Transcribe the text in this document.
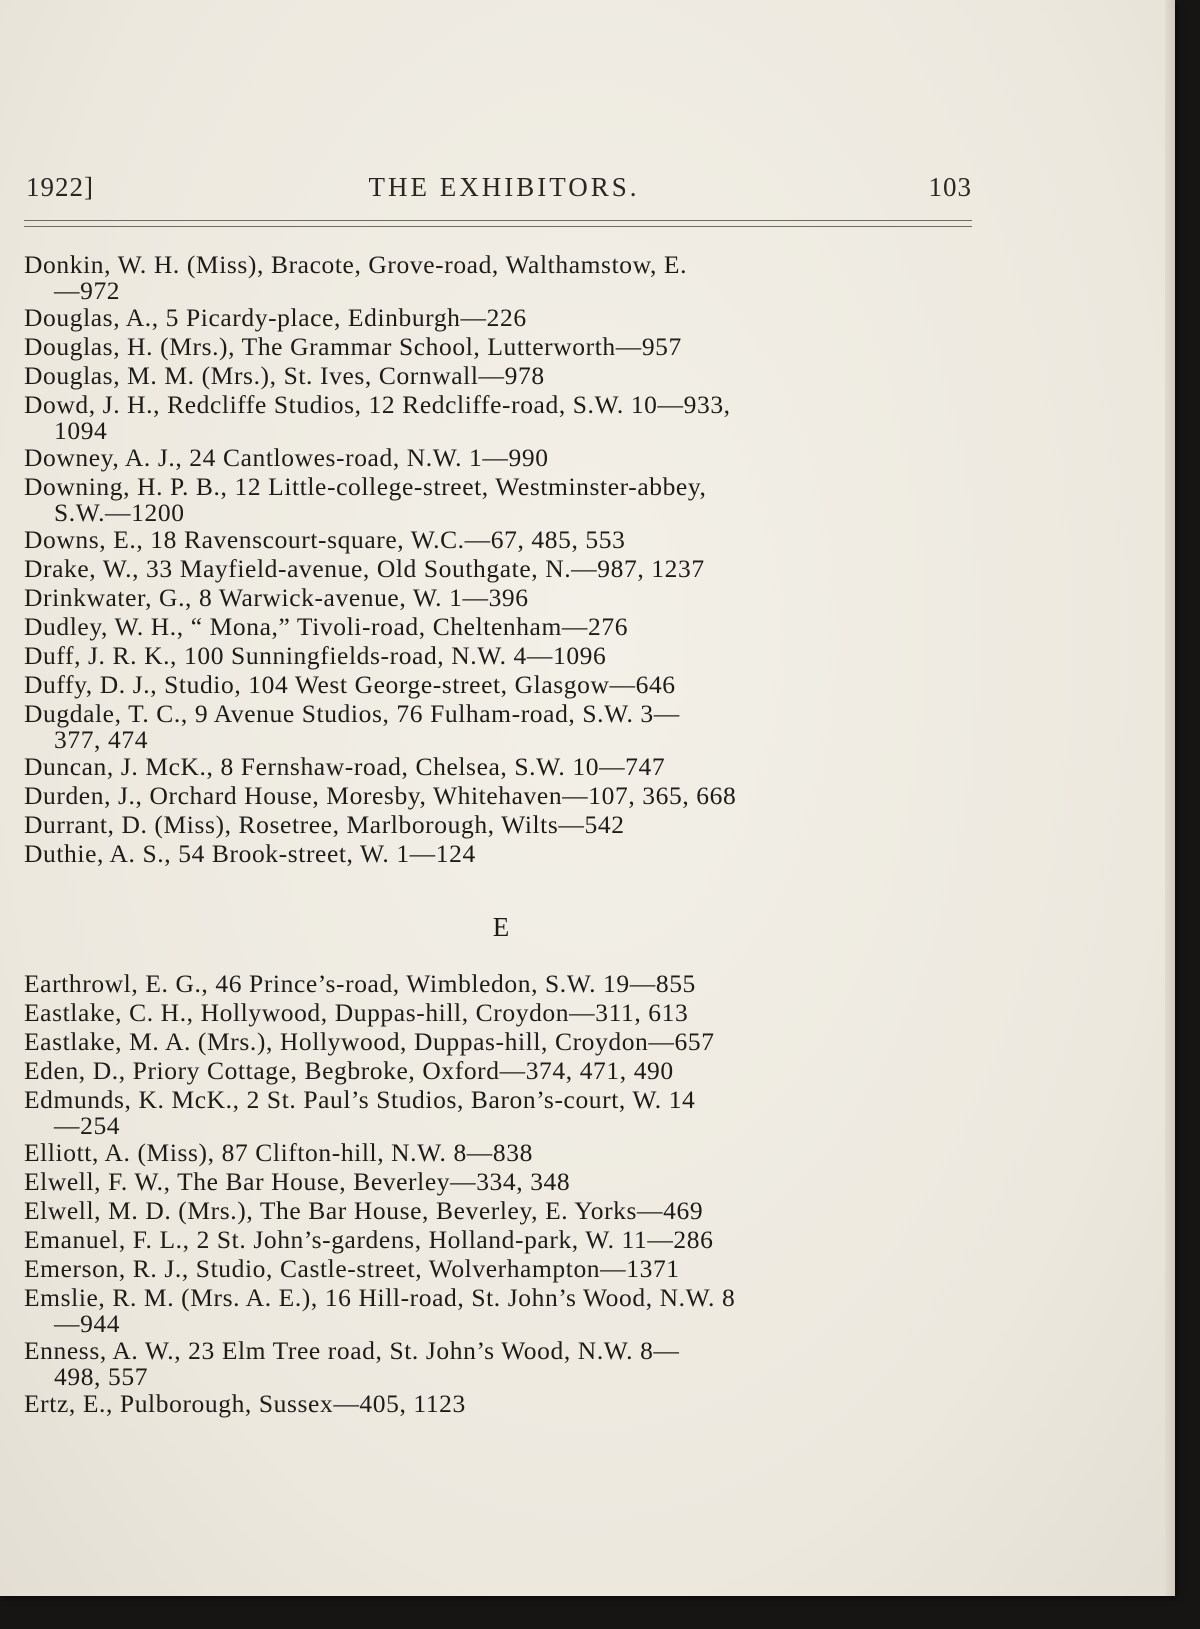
1922]	THE EXHIBITORS.	103
Donkin, W. H. (Miss), Bracote, Grove-road, Walthamstow, E.
—972
Douglas, A., 5 Picardy-place, Edinburgh—226
Douglas, H. (Mrs.), The Grammar School, Lutterworth—957
Douglas, M. M. (Mrs.), St. Ives, Cornwall—978
Dowd, J. H., Redcliffe Studios, 12 Redcliffe-road, S.W. 10—933,
1094
Downey, A. J., 24 Cantlowes-road, N.W. 1—990
Downing, H. P. B., 12 Little-college-street, Westminster-abbey,
S.W.—1200
Downs, E., 18 Ravenscourt-square, W.C.—67, 485, 553
Drake, W., 33 Mayfield-avenue, Old Southgate, N.—987, 1237
Drinkwater, G., 8 Warwick-avenue, W. 1—396
Dudley, W. H., “ Mona,” Tivoli-road, Cheltenham—276
Duff, J. R. K., 100 Sunningfields-road, N.W. 4—1096
Duffy, D. J., Studio, 104 West George-street, Glasgow—646
Dugdale, T. C., 9 Avenue Studios, 76 Fulham-road, S.W. 3—
377, 474
Duncan, J. McK., 8 Fernshaw-road, Chelsea, S.W. 10—747
Durden, J., Orchard House, Moresby, Whitehaven—107, 365, 668
Durrant, D. (Miss), Rosetree, Marlborough, Wilts—542
Duthie, A. S., 54 Brook-street, W. 1—124
E
Earthrowl, E. G., 46 Prince’s-road, Wimbledon, S.W. 19—855
Eastlake, C. H., Hollywood, Duppas-hill, Croydon—311, 613
Eastlake, M. A. (Mrs.), Hollywood, Duppas-hill, Croydon—657
Eden, D., Priory Cottage, Begbroke, Oxford—374, 471, 490
Edmunds, K. McK., 2 St. Paul’s Studios, Baron’s-court, W. 14
—254
Elliott, A. (Miss), 87 Clifton-hill, N.W. 8—838
Elwell, F. W., The Bar House, Beverley—334, 348
Elwell, M. D. (Mrs.), The Bar House, Beverley, E. Yorks—469
Emanuel, F. L., 2 St. John’s-gardens, Holland-park, W. 11—286
Emerson, R. J., Studio, Castle-street, Wolverhampton—1371
Emslie, R. M. (Mrs. A. E.), 16 Hill-road, St. John’s Wood, N.W. 8
—944
Enness, A. W., 23 Elm Tree road, St. John’s Wood, N.W. 8—
498, 557
Ertz, E., Pulborough, Sussex—405, 1123
